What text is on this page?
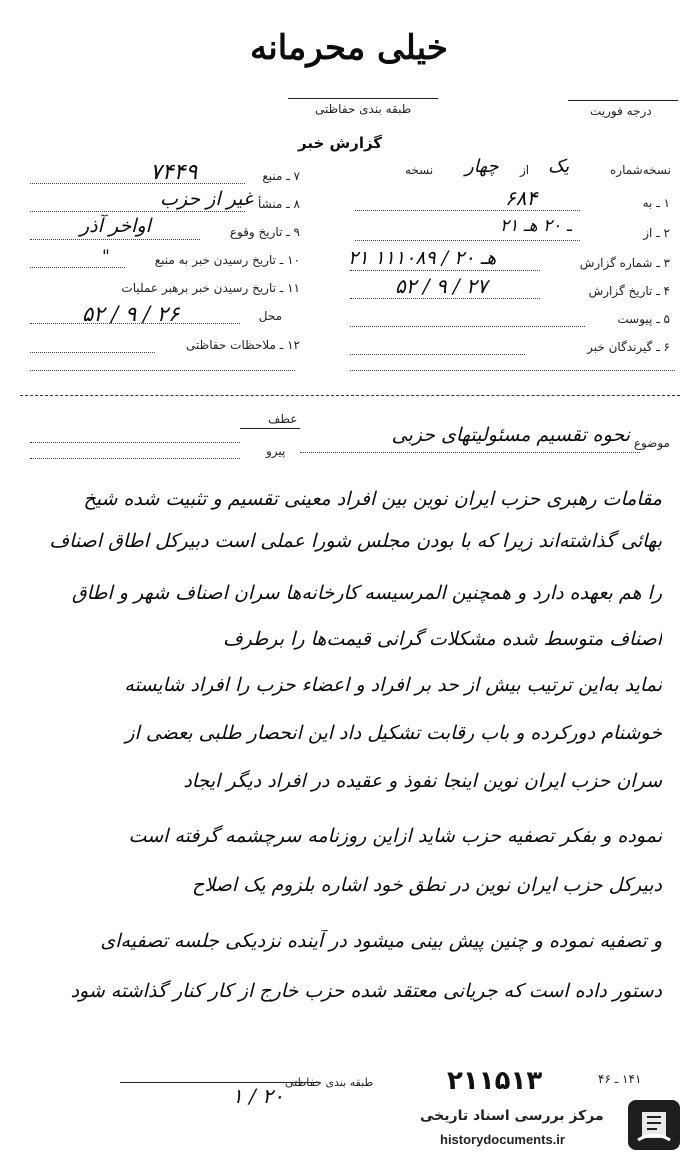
خیلی محرمانه
طبقه بندی حفاظتی	درجه فوریت
گزارش خبر
نسخه چهار از یک	نسخه‌شماره
۱ ـ به
۶۸۴
۲ ـ از
۲۱ ـ ۲۰ هـ
۳ ـ شماره گزارش
۲۱ هـ ۲۰ / ۱۱۱۰۸۹
۴ ـ تاریخ گزارش
۵۲ / ۹ / ۲۷
۵ ـ پیوست
۶ ـ گیرندگان خبر
۷ ـ منبع
۷۴۴۹
۸ ـ منشأ
غیر از حزب
۹ ـ تاریخ وقوع
اواخر آذر
۱۰ ـ تاریخ رسیدن خبر به منبع
"
۱۱ ـ تاریخ رسیدن خبر برهبر عملیات
محل
۵۲ / ۹ / ۲۶
۱۲ ـ ملاحظات حفاظتی
عطف
پیرو
موضوع
نحوه تقسیم مسئولیتهای حزبی
مقامات رهبری حزب ایران نوین بین افراد معینی تقسیم و تثبیت شده شیخ
بهائی گذاشته‌اند زیرا که با بودن مجلس شورا عملی است دبیرکل اطاق اصناف
را هم بعهده دارد و همچنین المرسیسه کارخانه‌ها سران اصناف شهر و اطاق
اصناف متوسط شده مشکلات گرانی قیمت‌ها را برطرف
نماید به‌این ‌ترتیب بیش از حد بر افراد و اعضاء حزب را افراد شایسته
خوشنام دورکرده و باب رقابت تشکیل داد این انحصار طلبی بعضی از
سران حزب ایران نوین اینجا نفوذ و عقیده در افراد دیگر ایجاد
نموده و بفکر تصفیه حزب شاید ازاین روزنامه سرچشمه گرفته است
دبیرکل حزب ایران نوین در نطق خود اشاره بلزوم یک اصلاح
و تصفیه نموده و چنین پیش بینی میشود در آینده نزدیکی جلسه تصفیه‌ای
دستور داده است که جریانی معتقد شده حزب خارج از کار کنار گذاشته شود
طبقه بندی حفاظتی
۱ / ۲۰	۲۱۱۵۱۳	۱۴۱ ـ ۴۶
مرکز بررسی اسناد تاریخی
historydocuments.ir
